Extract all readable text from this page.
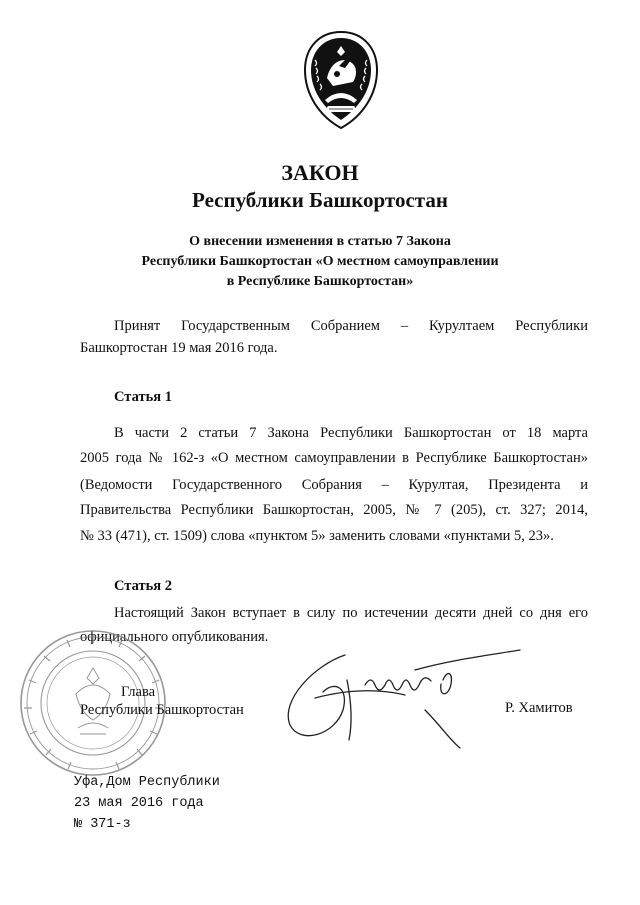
ЗАКОН
Республики Башкортостан
О внесении изменения в статью 7 Закона
Республики Башкортостан «О местном самоуправлении
в Республике Башкортостан»
Принят Государственным Собранием – Курултаем Республики
Башкортостан 19 мая 2016 года.
Статья 1
В части 2 статьи 7 Закона Республики Башкортостан от 18 марта
2005 года № 162-з «О местном самоуправлении в Республике Башкортостан»
(Ведомости Государственного Собрания – Курултая, Президента и
Правительства Республики Башкортостан, 2005, № 7 (205), ст. 327; 2014,
№ 33 (471), ст. 1509) слова «пунктом 5» заменить словами «пунктами 5, 23».
Статья 2
Настоящий Закон вступает в силу по истечении десяти дней со дня его
официального опубликования.
Глава
Республики Башкортостан	Р. Хамитов
Уфа,Дом Республики
23 мая 2016 года
№ 371-з
